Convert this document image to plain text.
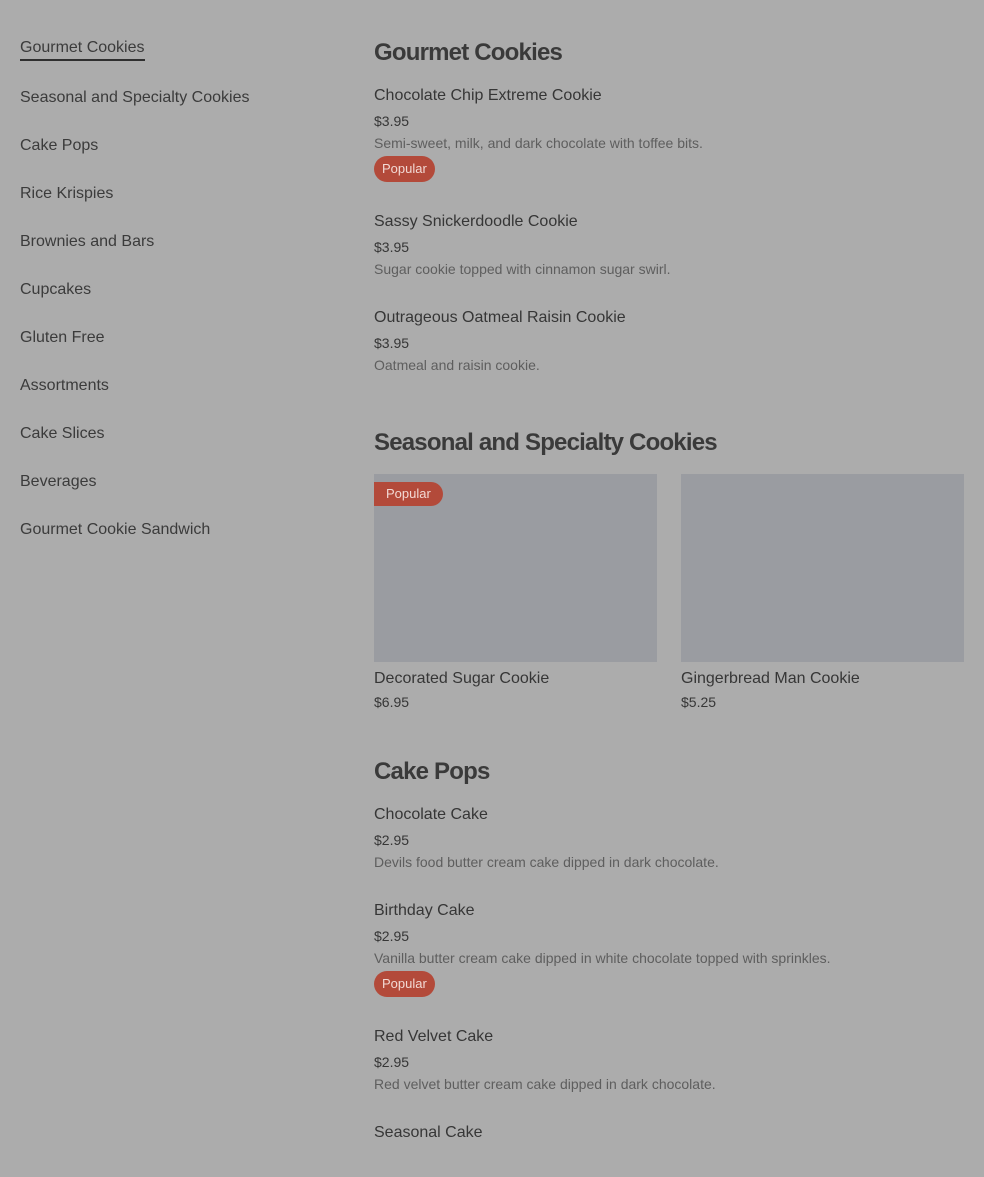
Gourmet Cookies
Seasonal and Specialty Cookies
Cake Pops
Rice Krispies
Brownies and Bars
Cupcakes
Gluten Free
Assortments
Cake Slices
Beverages
Gourmet Cookie Sandwich
Gourmet Cookies
Chocolate Chip Extreme Cookie
$3.95
Semi-sweet, milk, and dark chocolate with toffee bits.
Popular
Sassy Snickerdoodle Cookie
$3.95
Sugar cookie topped with cinnamon sugar swirl.
Outrageous Oatmeal Raisin Cookie
$3.95
Oatmeal and raisin cookie.
Seasonal and Specialty Cookies
Popular
Decorated Sugar Cookie
$6.95
Gingerbread Man Cookie
$5.25
Cake Pops
Chocolate Cake
$2.95
Devils food butter cream cake dipped in dark chocolate.
Birthday Cake
$2.95
Vanilla butter cream cake dipped in white chocolate topped with sprinkles.
Popular
Red Velvet Cake
$2.95
Red velvet butter cream cake dipped in dark chocolate.
Seasonal Cake
